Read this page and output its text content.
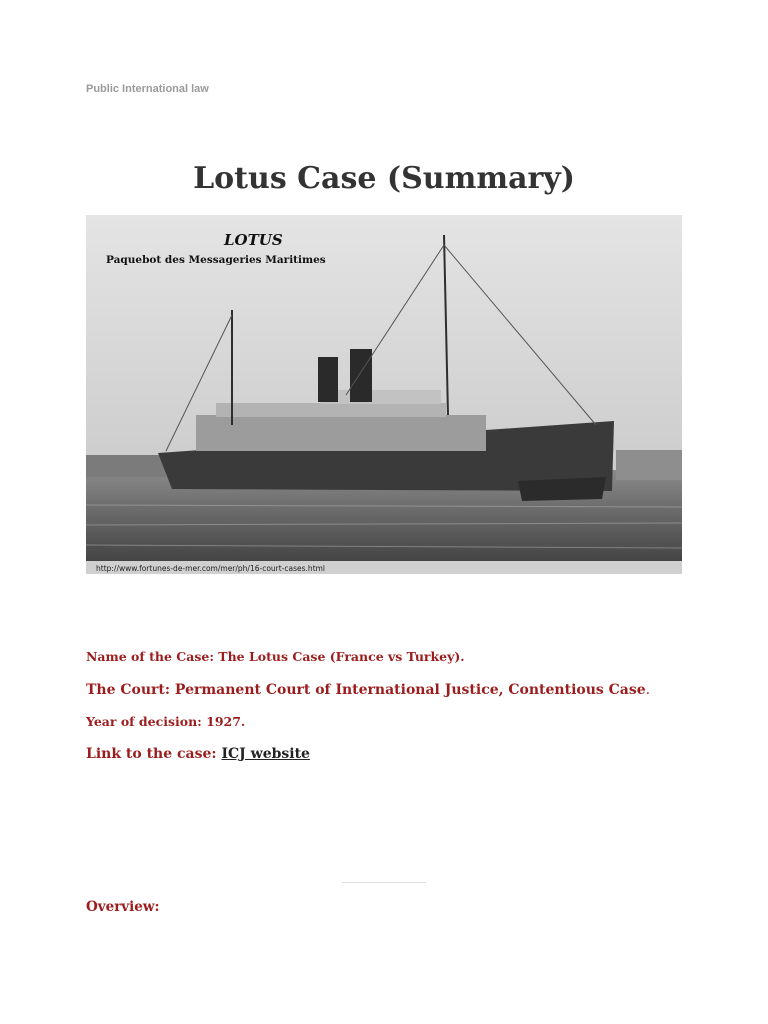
Public International law
Lotus Case (Summary)
LOTUS
Paquebot des Messageries Maritimes
http://www.fortunes-de-mer.com/mer/ph/16-court-cases.html
Name of the Case: The Lotus Case (France vs Turkey).
The Court: Permanent Court of International Justice, Contentious Case.
Year of decision: 1927.
Link to the case: ICJ website
Overview:
